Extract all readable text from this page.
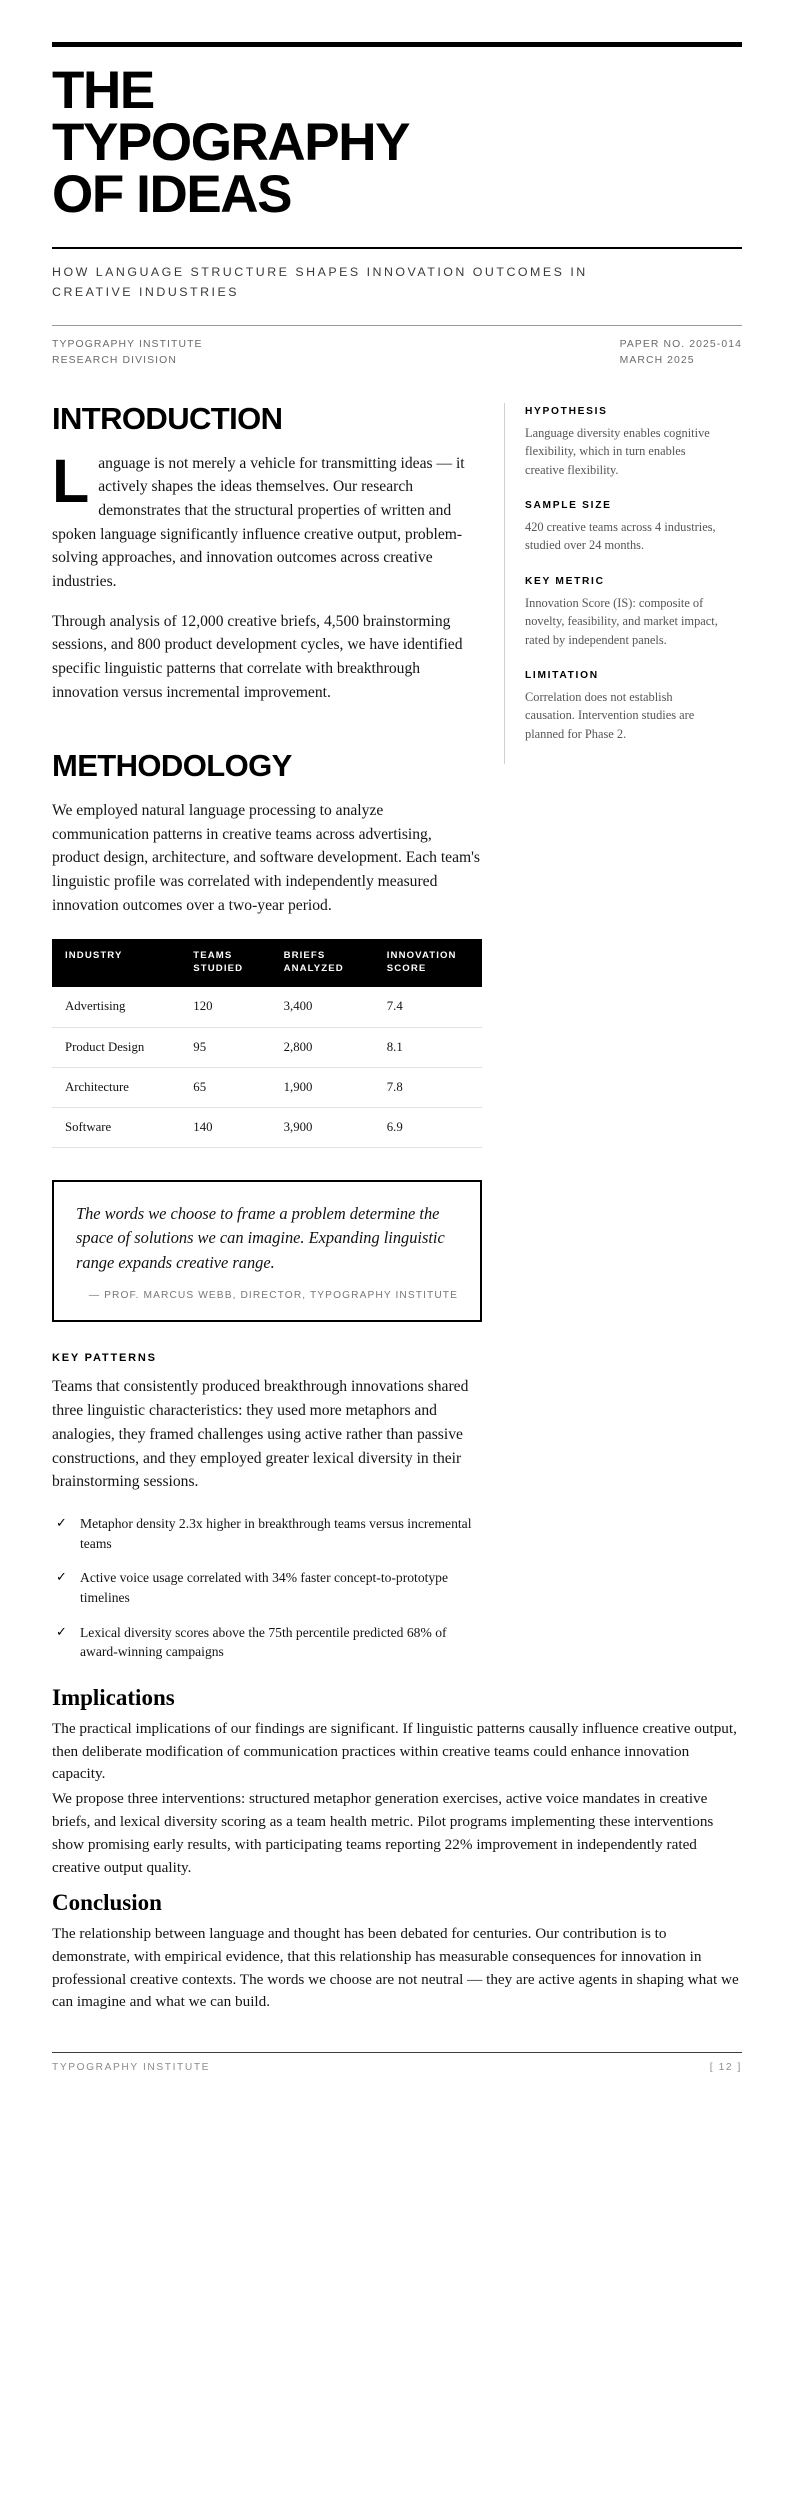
THE
TYPOGRAPHY
OF IDEAS

HOW LANGUAGE STRUCTURE SHAPES INNOVATION OUTCOMES IN CREATIVE INDUSTRIES

TYPOGRAPHY INSTITUTE
RESEARCH DIVISION
PAPER NO. 2025-014
MARCH 2025
INTRODUCTION

Language is not merely a vehicle for transmitting ideas — it actively shapes the ideas themselves. Our research demonstrates that the structural properties of written and spoken language significantly influence creative output, problem-solving approaches, and innovation outcomes across creative industries.

Through analysis of 12,000 creative briefs, 4,500 brainstorming sessions, and 800 product development cycles, we have identified specific linguistic patterns that correlate with breakthrough innovation versus incremental improvement.

METHODOLOGY

We employed natural language processing to analyze communication patterns in creative teams across advertising, product design, architecture, and software development. Each team's linguistic profile was correlated with independently measured innovation outcomes over a two-year period.

INDUSTRY	TEAMS STUDIED	BRIEFS ANALYZED	INNOVATION SCORE
Advertising	120	3,400	7.4
Product Design	95	2,800	8.1
Architecture	65	1,900	7.8
Software	140	3,900	6.9

The words we choose to frame a problem determine the space of solutions we can imagine. Expanding linguistic range expands creative range.

— PROF. MARCUS WEBB, DIRECTOR, TYPOGRAPHY INSTITUTE

KEY PATTERNS

Teams that consistently produced breakthrough innovations shared three linguistic characteristics: they used more metaphors and analogies, they framed challenges using active rather than passive constructions, and they employed greater lexical diversity in their brainstorming sessions.

✓ Metaphor density 2.3x higher in breakthrough teams versus incremental teams
✓ Active voice usage correlated with 34% faster concept-to-prototype timelines
✓ Lexical diversity scores above the 75th percentile predicted 68% of award-winning campaigns

HYPOTHESIS

Language diversity enables cognitive flexibility, which in turn enables creative flexibility.

SAMPLE SIZE

420 creative teams across 4 industries, studied over 24 months.

KEY METRIC

Innovation Score (IS): composite of novelty, feasibility, and market impact, rated by independent panels.

LIMITATION

Correlation does not establish causation. Intervention studies are planned for Phase 2.

Implications

The practical implications of our findings are significant. If linguistic patterns causally influence creative output, then deliberate modification of communication practices within creative teams could enhance innovation capacity.

We propose three interventions: structured metaphor generation exercises, active voice mandates in creative briefs, and lexical diversity scoring as a team health metric. Pilot programs implementing these interventions show promising early results, with participating teams reporting 22% improvement in independently rated creative output quality.

Conclusion

The relationship between language and thought has been debated for centuries. Our contribution is to demonstrate, with empirical evidence, that this relationship has measurable consequences for innovation in professional creative contexts. The words we choose are not neutral — they are active agents in shaping what we can imagine and what we can build.

TYPOGRAPHY INSTITUTE	[ 12 ]
